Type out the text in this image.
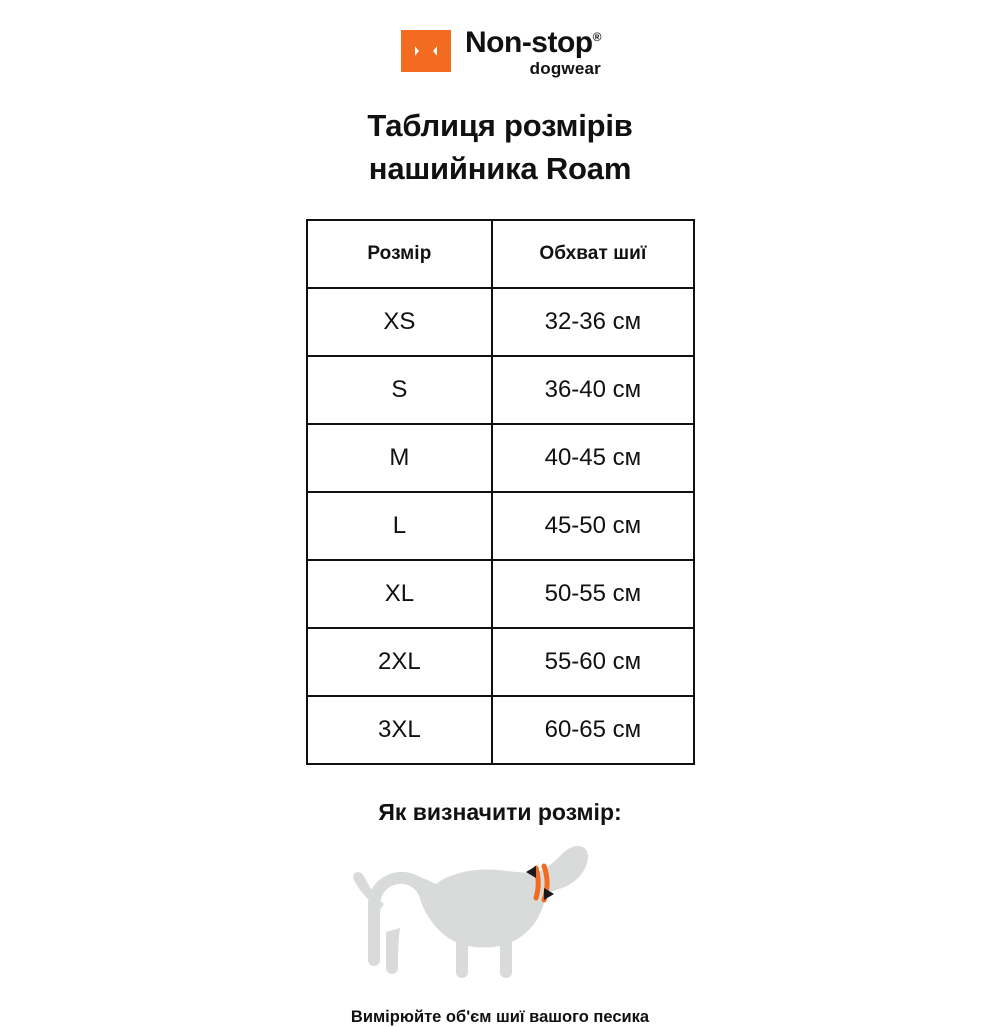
Non-stop®
dogwear
Таблиця розмірів
нашийника Roam
Розмір	Обхват шиї
XS	32-36 см
S	36-40 см
M	40-45 см
L	45-50 см
XL	50-55 см
2XL	55-60 см
3XL	60-65 см
Як визначити розмір:
Вимірюйте об'єм шиї вашого песика
